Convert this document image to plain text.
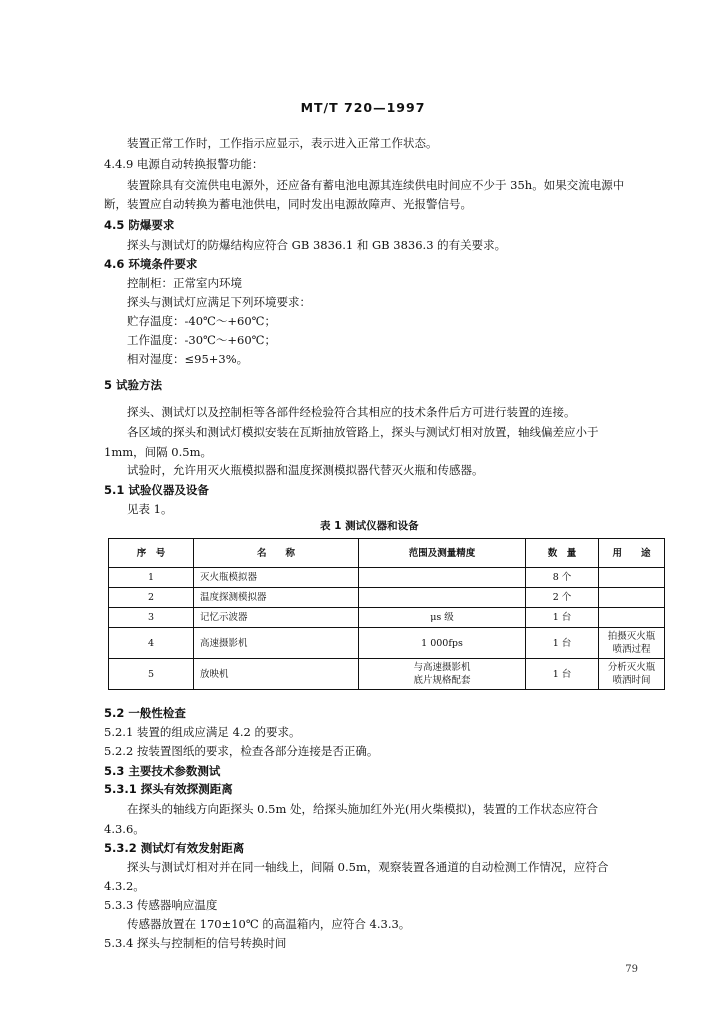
MT/T 720—1997
装置正常工作时，工作指示应显示，表示进入正常工作状态。
4.4.9 电源自动转换报警功能：
装置除具有交流供电电源外，还应备有蓄电池电源其连续供电时间应不少于 35h。如果交流电源中
断，装置应自动转换为蓄电池供电，同时发出电源故障声、光报警信号。
4.5 防爆要求
探头与测试灯的防爆结构应符合 GB 3836.1 和 GB 3836.3 的有关要求。
4.6 环境条件要求
控制柜：正常室内环境
探头与测试灯应满足下列环境要求：
贮存温度：-40℃～+60℃；
工作温度：-30℃～+60℃；
相对湿度：≤95+3%。
5 试验方法
探头、测试灯以及控制柜等各部件经检验符合其相应的技术条件后方可进行装置的连接。
各区域的探头和测试灯模拟安装在瓦斯抽放管路上，探头与测试灯相对放置，轴线偏差应小于
1mm，间隔 0.5m。
试验时，允许用灭火瓶模拟器和温度探测模拟器代替灭火瓶和传感器。
5.1 试验仪器及设备
见表 1。
表 1 测试仪器和设备
序　号	名　　称	范围及测量精度	数　量	用　　途
1	灭火瓶模拟器		8 个	
2	温度探测模拟器		2 个	
3	记忆示波器	μs 级	1 台	
4	高速摄影机	1 000fps	1 台	拍摄灭火瓶
喷洒过程
5	放映机	与高速摄影机
底片规格配套	1 台	分析灭火瓶
喷洒时间
5.2 一般性检查
5.2.1 装置的组成应满足 4.2 的要求。
5.2.2 按装置图纸的要求，检查各部分连接是否正确。
5.3 主要技术参数测试
5.3.1 探头有效探测距离
在探头的轴线方向距探头 0.5m 处，给探头施加红外光(用火柴模拟)，装置的工作状态应符合
4.3.6。
5.3.2 测试灯有效发射距离
探头与测试灯相对并在同一轴线上，间隔 0.5m，观察装置各通道的自动检测工作情况，应符合
4.3.2。
5.3.3 传感器响应温度
传感器放置在 170±10℃ 的高温箱内，应符合 4.3.3。
5.3.4 探头与控制柜的信号转换时间
79
